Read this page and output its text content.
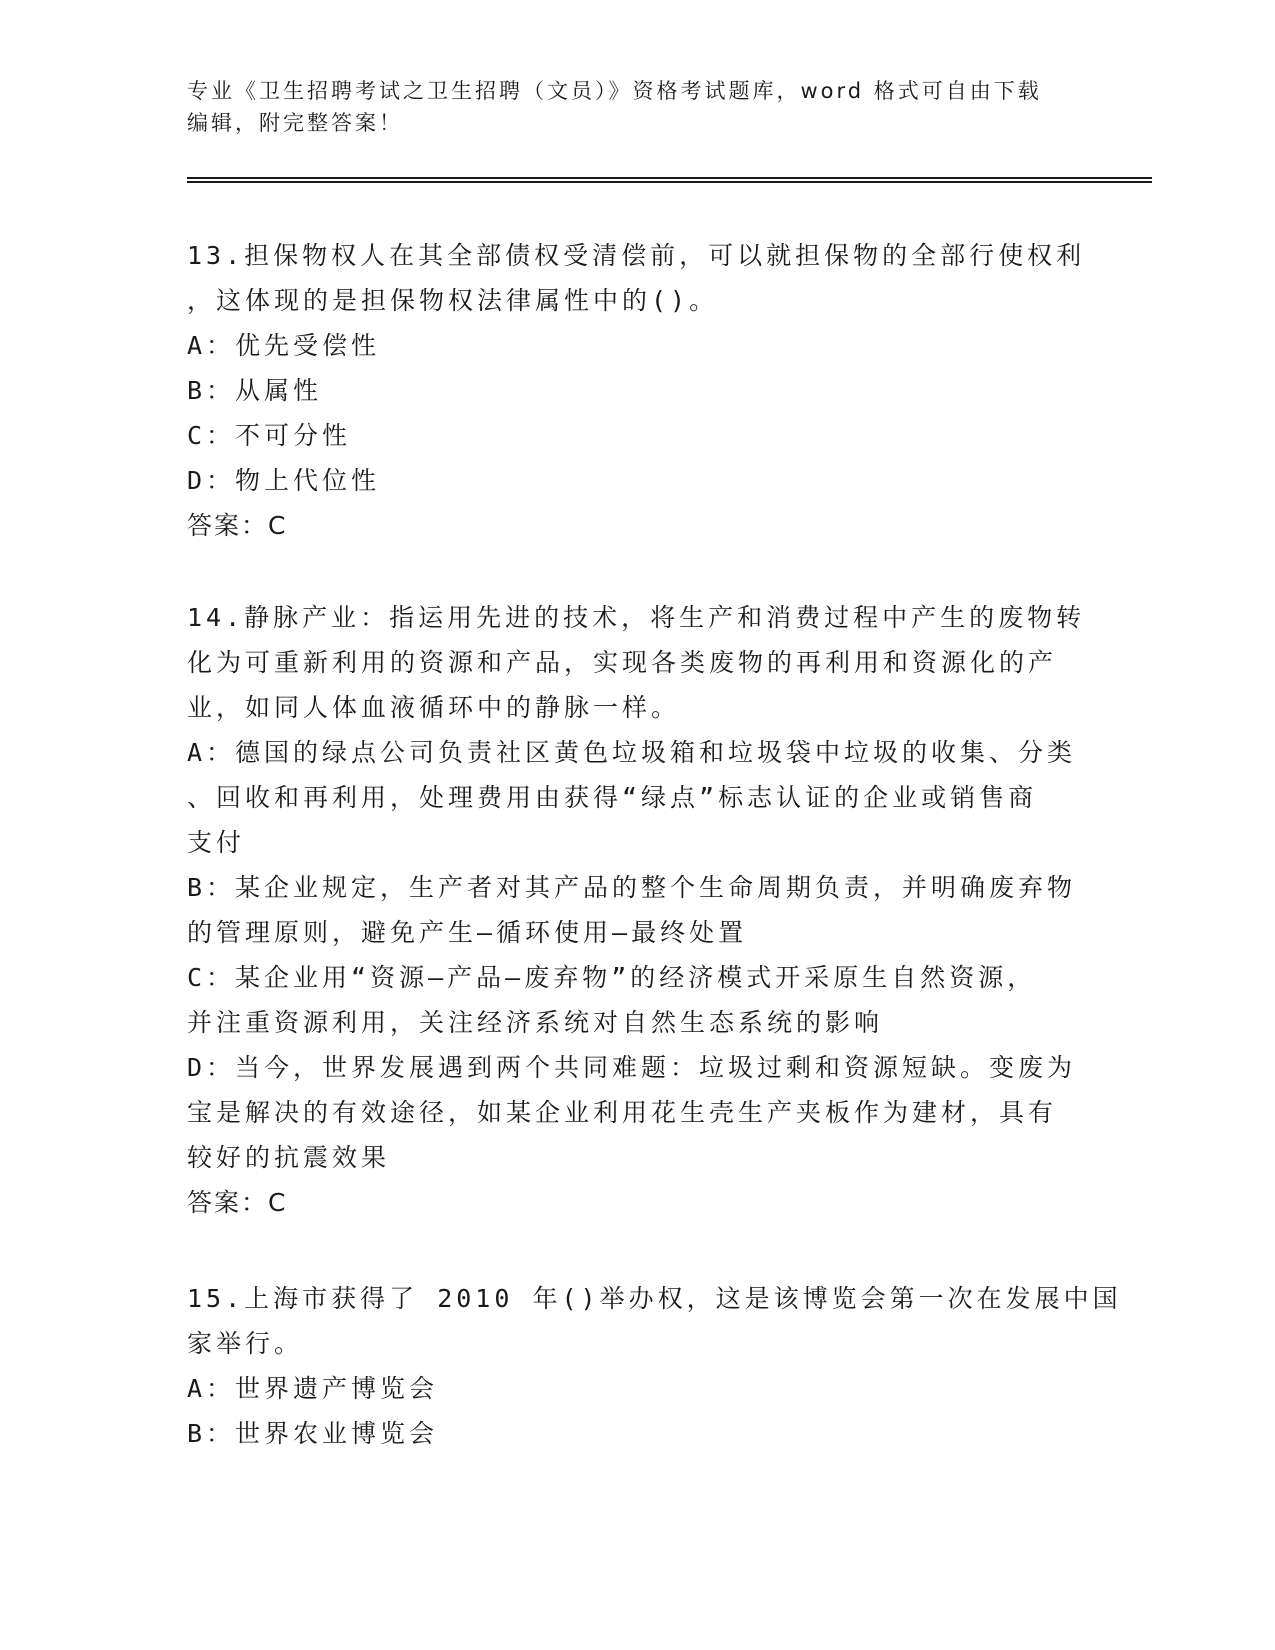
专业《卫生招聘考试之卫生招聘（文员）》资格考试题库，word 格式可自由下载
编辑，附完整答案！
13.担保物权人在其全部债权受清偿前，可以就担保物的全部行使权利
，这体现的是担保物权法律属性中的()。
A：优先受偿性
B：从属性
C：不可分性
D：物上代位性
答案：C
14.静脉产业：指运用先进的技术，将生产和消费过程中产生的废物转
化为可重新利用的资源和产品，实现各类废物的再利用和资源化的产
业，如同人体血液循环中的静脉一样。
A：德国的绿点公司负责社区黄色垃圾箱和垃圾袋中垃圾的收集、分类
、回收和再利用，处理费用由获得“绿点”标志认证的企业或销售商
支付
B：某企业规定，生产者对其产品的整个生命周期负责，并明确废弃物
的管理原则，避免产生—循环使用—最终处置
C：某企业用“资源—产品—废弃物”的经济模式开采原生自然资源，
并注重资源利用，关注经济系统对自然生态系统的影响
D：当今，世界发展遇到两个共同难题：垃圾过剩和资源短缺。变废为
宝是解决的有效途径，如某企业利用花生壳生产夹板作为建材，具有
较好的抗震效果
答案：C
15.上海市获得了 2010 年()举办权，这是该博览会第一次在发展中国
家举行。
A：世界遗产博览会
B：世界农业博览会
